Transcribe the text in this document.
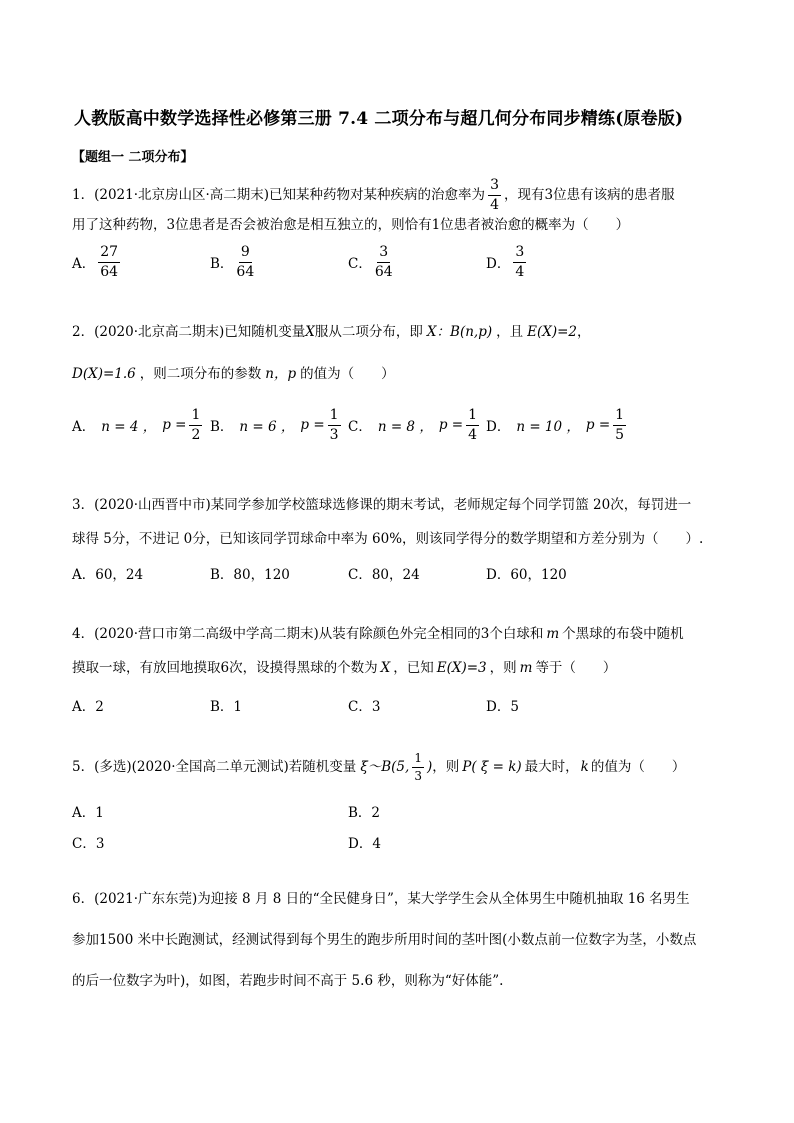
人教版高中数学选择性必修第三册 7.4 二项分布与超几何分布同步精练(原卷版)
【题组一 二项分布】
1．(2021·北京房山区·高二期末)已知某种药物对某种疾病的治愈率为 $\frac{3}{4}$ ，现有3位患有该病的患者服
用了这种药物，3位患者是否会被治愈是相互独立的，则恰有1位患者被治愈的概率为（　　）
A． $\frac{27}{64}$	B． $\frac{9}{64}$	C． $\frac{3}{64}$	D． $\frac{3}{4}$
2．(2020·北京高二期末)已知随机变量 X 服从二项分布，即 X：B(n,p) ，且 E(X)=2 ，
D(X)=1.6 ，则二项分布的参数 n，p 的值为（　　）
A． n = 4 ， $p = \frac{1}{2}$ B． n = 6 ， $p = \frac{1}{3}$ C． n = 8 ， $p = \frac{1}{4}$ D． n = 10 ， $p = \frac{1}{5}$
3．(2020·山西晋中市)某同学参加学校篮球选修课的期末考试，老师规定每个同学罚篮 20次，每罚进一
球得 5分，不进记 0分，已知该同学罚球命中率为 60%，则该同学得分的数学期望和方差分别为（　　）.
A．60，24	B．80，120	C．80，24	D．60，120
4．(2020·营口市第二高级中学高二期末)从装有除颜色外完全相同的3个白球和 m 个黑球的布袋中随机
摸取一球，有放回地摸取6次，设摸得黑球的个数为 X ，已知 E(X)=3 ，则 m 等于（　　）
A．2	B．1	C．3	D．5
5．(多选)(2020·全国高二单元测试)若随机变量 ξ～B(5, $\frac{1}{3}$ ) ，则 P( ξ = k) 最大时， k 的值为（　　）
A．1	B．2
C．3	D．4
6．(2021·广东东莞)为迎接 8 月 8 日的“全民健身日”，某大学学生会从全体男生中随机抽取 16 名男生
参加1500 米中长跑测试，经测试得到每个男生的跑步所用时间的茎叶图(小数点前一位数字为茎，小数点
的后一位数字为叶)，如图，若跑步时间不高于 5.6 秒，则称为“好体能”.
